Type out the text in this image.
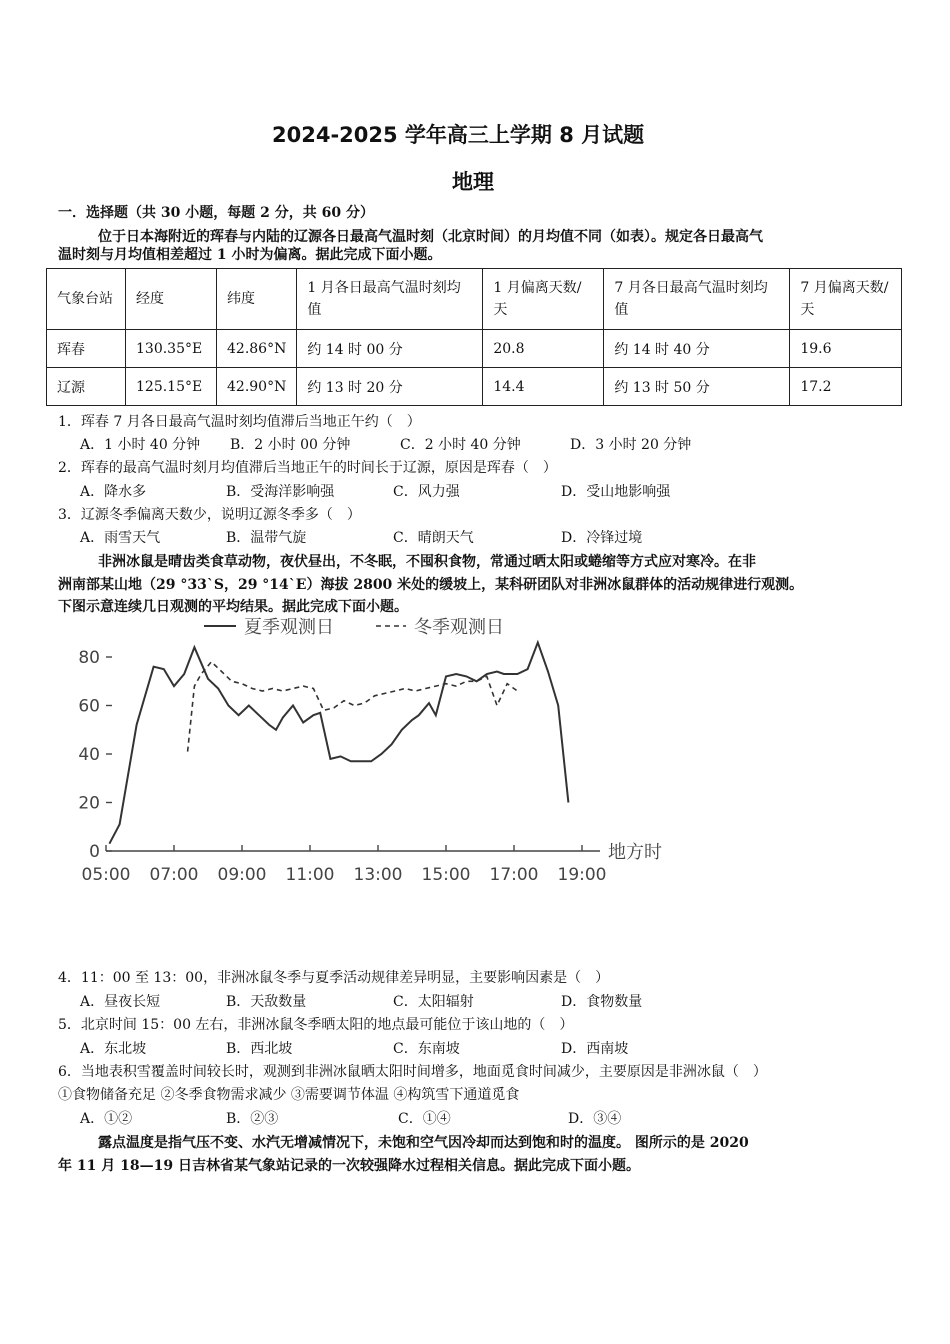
2024-2025 学年高三上学期 8 月试题
地理
一．选择题（共 30 小题，每题 2 分，共 60 分）
位于日本海附近的珲春与内陆的辽源各日最高气温时刻（北京时间）的月均值不同（如表）。规定各日最高气
温时刻与月均值相差超过 1 小时为偏离。据此完成下面小题。
气象台站	经度	纬度	1 月各日最高气温时刻均值	1 月偏离天数/天	7 月各日最高气温时刻均值	7 月偏离天数/天
珲春	130.35°E	42.86°N	约 14 时 00 分	20.8	约 14 时 40 分	19.6
辽源	125.15°E	42.90°N	约 13 时 20 分	14.4	约 13 时 50 分	17.2
1．珲春 7 月各日最高气温时刻均值滞后当地正午约（　）
A．1 小时 40 分钟 B．2 小时 00 分钟	C．2 小时 40 分钟	D．3 小时 20 分钟
2．珲春的最高气温时刻月均值滞后当地正午的时间长于辽源，原因是珲春（　）
A．降水多	B．受海洋影响强	C．风力强	D．受山地影响强
3．辽源冬季偏离天数少，说明辽源冬季多（　）
A．雨雪天气	B．温带气旋	C．晴朗天气	D．冷锋过境
非洲冰鼠是晴齿类食草动物，夜伏昼出，不冬眠，不囤积食物，常通过晒太阳或蜷缩等方式应对寒冷。在非
洲南部某山地（29 °33`S，29 °14`E）海拔 2800 米处的缓坡上，某科研团队对非洲冰鼠群体的活动规律进行观测。
下图示意连续几日观测的平均结果。据此完成下面小题。
0
20
40
60
80
05:00 07:00 09:00 11:00 13:00 15:00 17:00 19:00
夏季观测日	冬季观测日
地方时
4．11：00 至 13：00，非洲冰鼠冬季与夏季活动规律差异明显，主要影响因素是（　）
A．昼夜长短	B．天敌数量	C．太阳辐射	D．食物数量
5．北京时间 15：00 左右，非洲冰鼠冬季晒太阳的地点最可能位于该山地的（　）
A．东北坡	B．西北坡	C．东南坡	D．西南坡
6．当地表积雪覆盖时间较长时，观测到非洲冰鼠晒太阳时间增多，地面觅食时间减少，主要原因是非洲冰鼠（　）
①食物储备充足 ②冬季食物需求减少 ③需要调节体温 ④构筑雪下通道觅食
A．①②	B．②③	C．①④	D．③④
露点温度是指气压不变、水汽无增减情况下，未饱和空气因冷却而达到饱和时的温度。 图所示的是 2020
年 11 月 18—19 日吉林省某气象站记录的一次较强降水过程相关信息。据此完成下面小题。
